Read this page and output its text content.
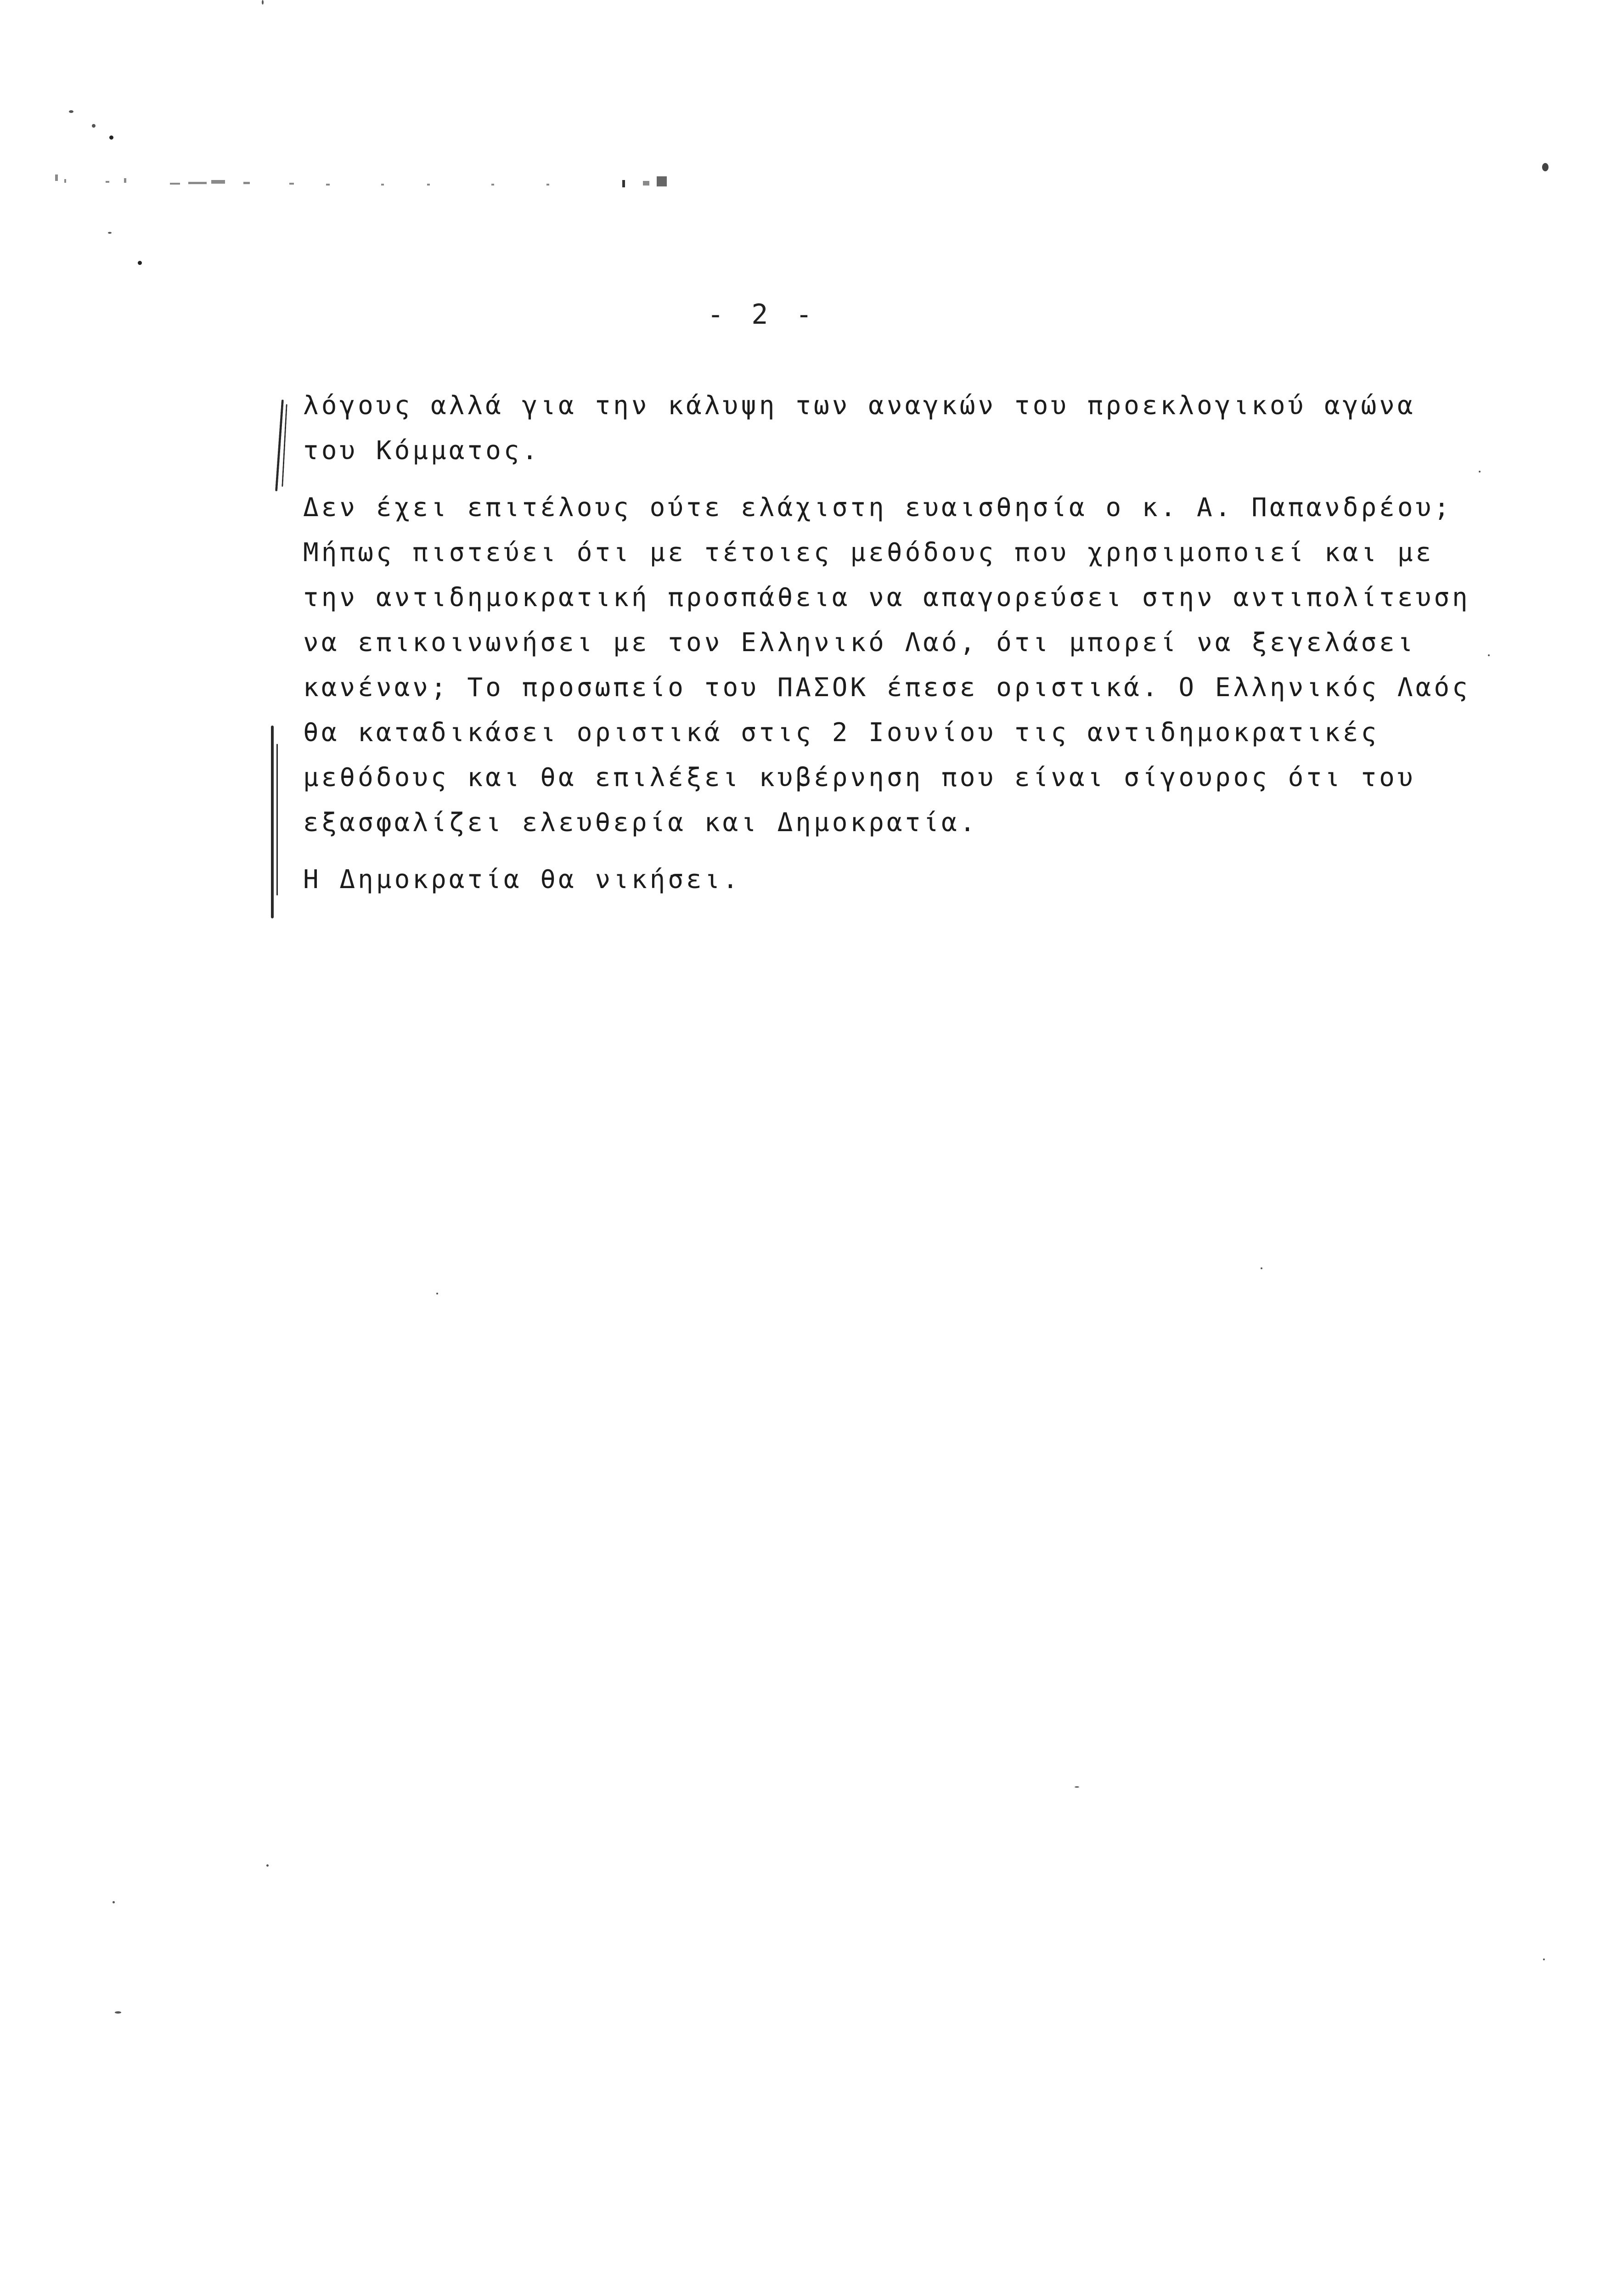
- 2 -
λόγους αλλά για την κάλυψη των αναγκών του προεκλογικού αγώνα
του Κόμματος.
Δεν έχει επιτέλους ούτε ελάχιστη ευαισθησία ο κ. Α. Παπανδρέου;
Μήπως πιστεύει ότι με τέτοιες μεθόδους που χρησιμοποιεί και με
την αντιδημοκρατική προσπάθεια να απαγορεύσει στην αντιπολίτευση
να επικοινωνήσει με τον Ελληνικό Λαό, ότι μπορεί να ξεγελάσει
κανέναν; Το προσωπείο του ΠΑΣΟΚ έπεσε οριστικά. Ο Ελληνικός Λαός
θα καταδικάσει οριστικά στις 2 Ιουνίου τις αντιδημοκρατικές
μεθόδους και θα επιλέξει κυβέρνηση που είναι σίγουρος ότι του
εξασφαλίζει ελευθερία και Δημοκρατία.
Η Δημοκρατία θα νικήσει.
